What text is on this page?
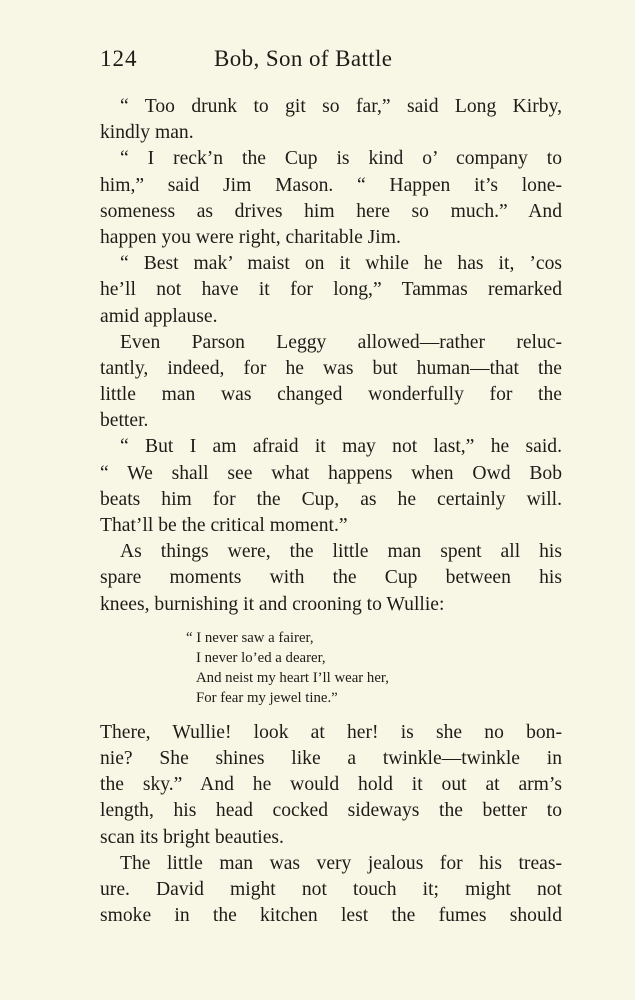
124	Bob, Son of Battle
“ Too drunk to git so far,” said Long Kirby,
kindly man.
“ I reck’n the Cup is kind o’ company to
him,” said Jim Mason. “ Happen it’s lone-
someness as drives him here so much.” And
happen you were right, charitable Jim.
“ Best mak’ maist on it while he has it, ’cos
he’ll not have it for long,” Tammas remarked
amid applause.
Even Parson Leggy allowed—rather reluc-
tantly, indeed, for he was but human—that the
little man was changed wonderfully for the
better.
“ But I am afraid it may not last,” he said.
“ We shall see what happens when Owd Bob
beats him for the Cup, as he certainly will.
That’ll be the critical moment.”
As things were, the little man spent all his
spare moments with the Cup between his
knees, burnishing it and crooning to Wullie:
“ I never saw a fairer,
I never lo’ed a dearer,
And neist my heart I’ll wear her,
For fear my jewel tine.”
There, Wullie! look at her! is she no bon-
nie? She shines like a twinkle—twinkle in
the sky.” And he would hold it out at arm’s
length, his head cocked sideways the better to
scan its bright beauties.
The little man was very jealous for his treas-
ure. David might not touch it; might not
smoke in the kitchen lest the fumes should
